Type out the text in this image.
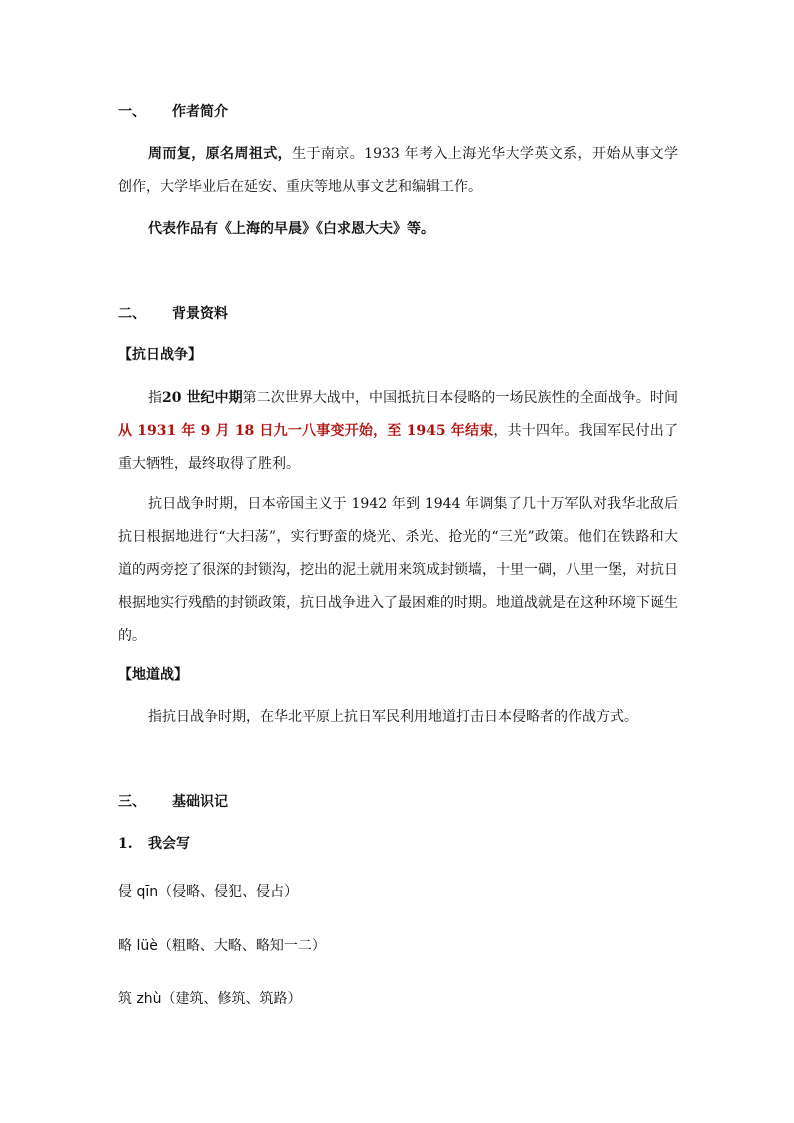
一、 作者简介
周而复，原名周祖式，生于南京。1933 年考入上海光华大学英文系，开始从事文学创作，大学毕业后在延安、重庆等地从事文艺和编辑工作。
代表作品有《上海的早晨》《白求恩大夫》等。
二、 背景资料
【抗日战争】
指20 世纪中期第二次世界大战中，中国抵抗日本侵略的一场民族性的全面战争。时间从 1931 年 9 月 18 日九一八事变开始，至 1945 年结束，共十四年。我国军民付出了重大牺牲，最终取得了胜利。
抗日战争时期，日本帝国主义于 1942 年到 1944 年调集了几十万军队对我华北敌后抗日根据地进行“大扫荡”，实行野蛮的烧光、杀光、抢光的“三光”政策。他们在铁路和大道的两旁挖了很深的封锁沟，挖出的泥土就用来筑成封锁墙，十里一碉，八里一堡，对抗日根据地实行残酷的封锁政策，抗日战争进入了最困难的时期。地道战就是在这种环境下诞生的。
【地道战】
指抗日战争时期，在华北平原上抗日军民利用地道打击日本侵略者的作战方式。
三、 基础识记
1. 我会写
侵 qīn（侵略、侵犯、侵占）
略 lüè（粗略、大略、略知一二）
筑 zhù（建筑、修筑、筑路）
